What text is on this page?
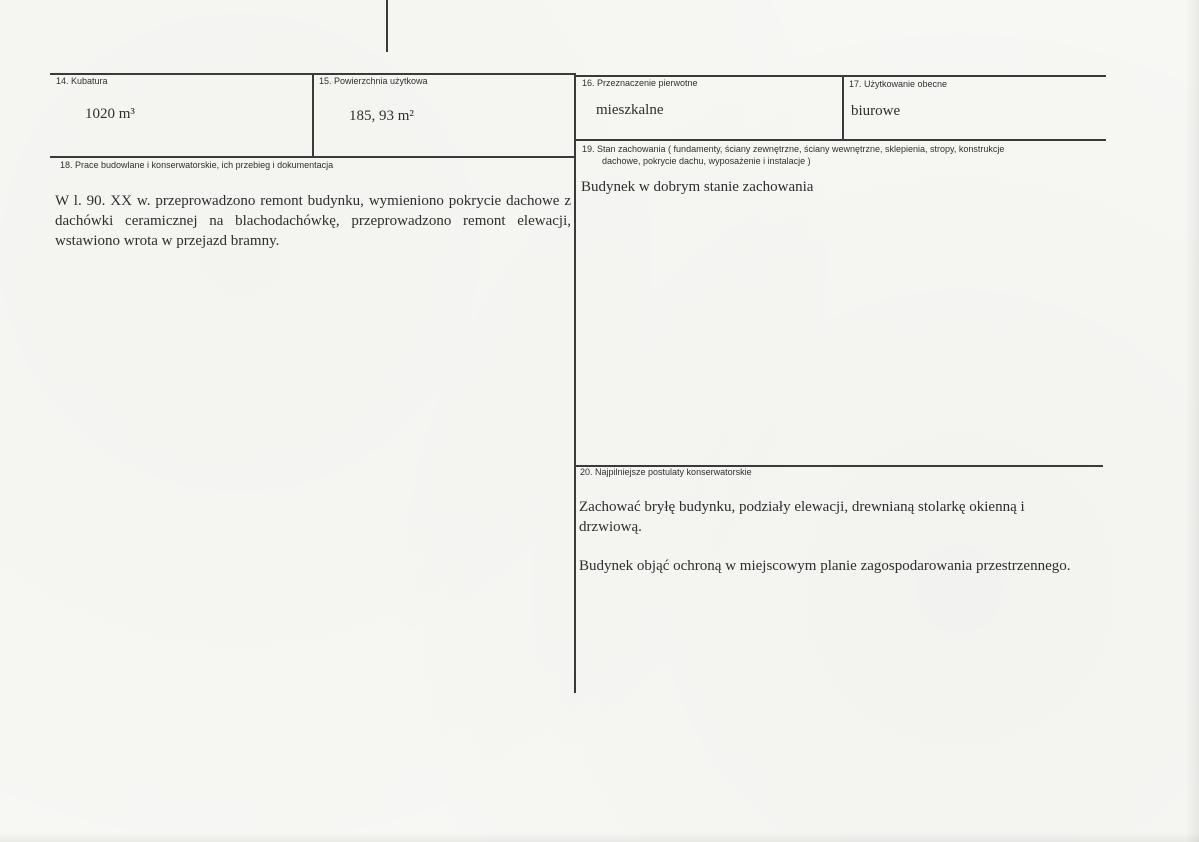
14. Kubatura
1020 m³
15. Powierzchnia użytkowa
185, 93 m²
16. Przeznaczenie pierwotne
mieszkalne
17. Użytkowanie obecne
biurowe
18. Prace budowlane i konserwatorskie, ich przebieg i dokumentacja
W l. 90. XX w. przeprowadzono remont budynku, wymieniono pokrycie dachowe z dachówki ceramicznej na blachodachówkę, przeprowadzono remont elewacji, wstawiono wrota w przejazd bramny.
19. Stan zachowania ( fundamenty, ściany zewnętrzne, ściany wewnętrzne, sklepienia, stropy, konstrukcje
dachowe, pokrycie dachu, wyposażenie i instalacje )
Budynek w dobrym stanie zachowania
20. Najpilniejsze postulaty konserwatorskie
Zachować bryłę budynku, podziały elewacji, drewnianą stolarkę okienną i drzwiową.
Budynek objąć ochroną w miejscowym planie zagospodarowania przestrzennego.
